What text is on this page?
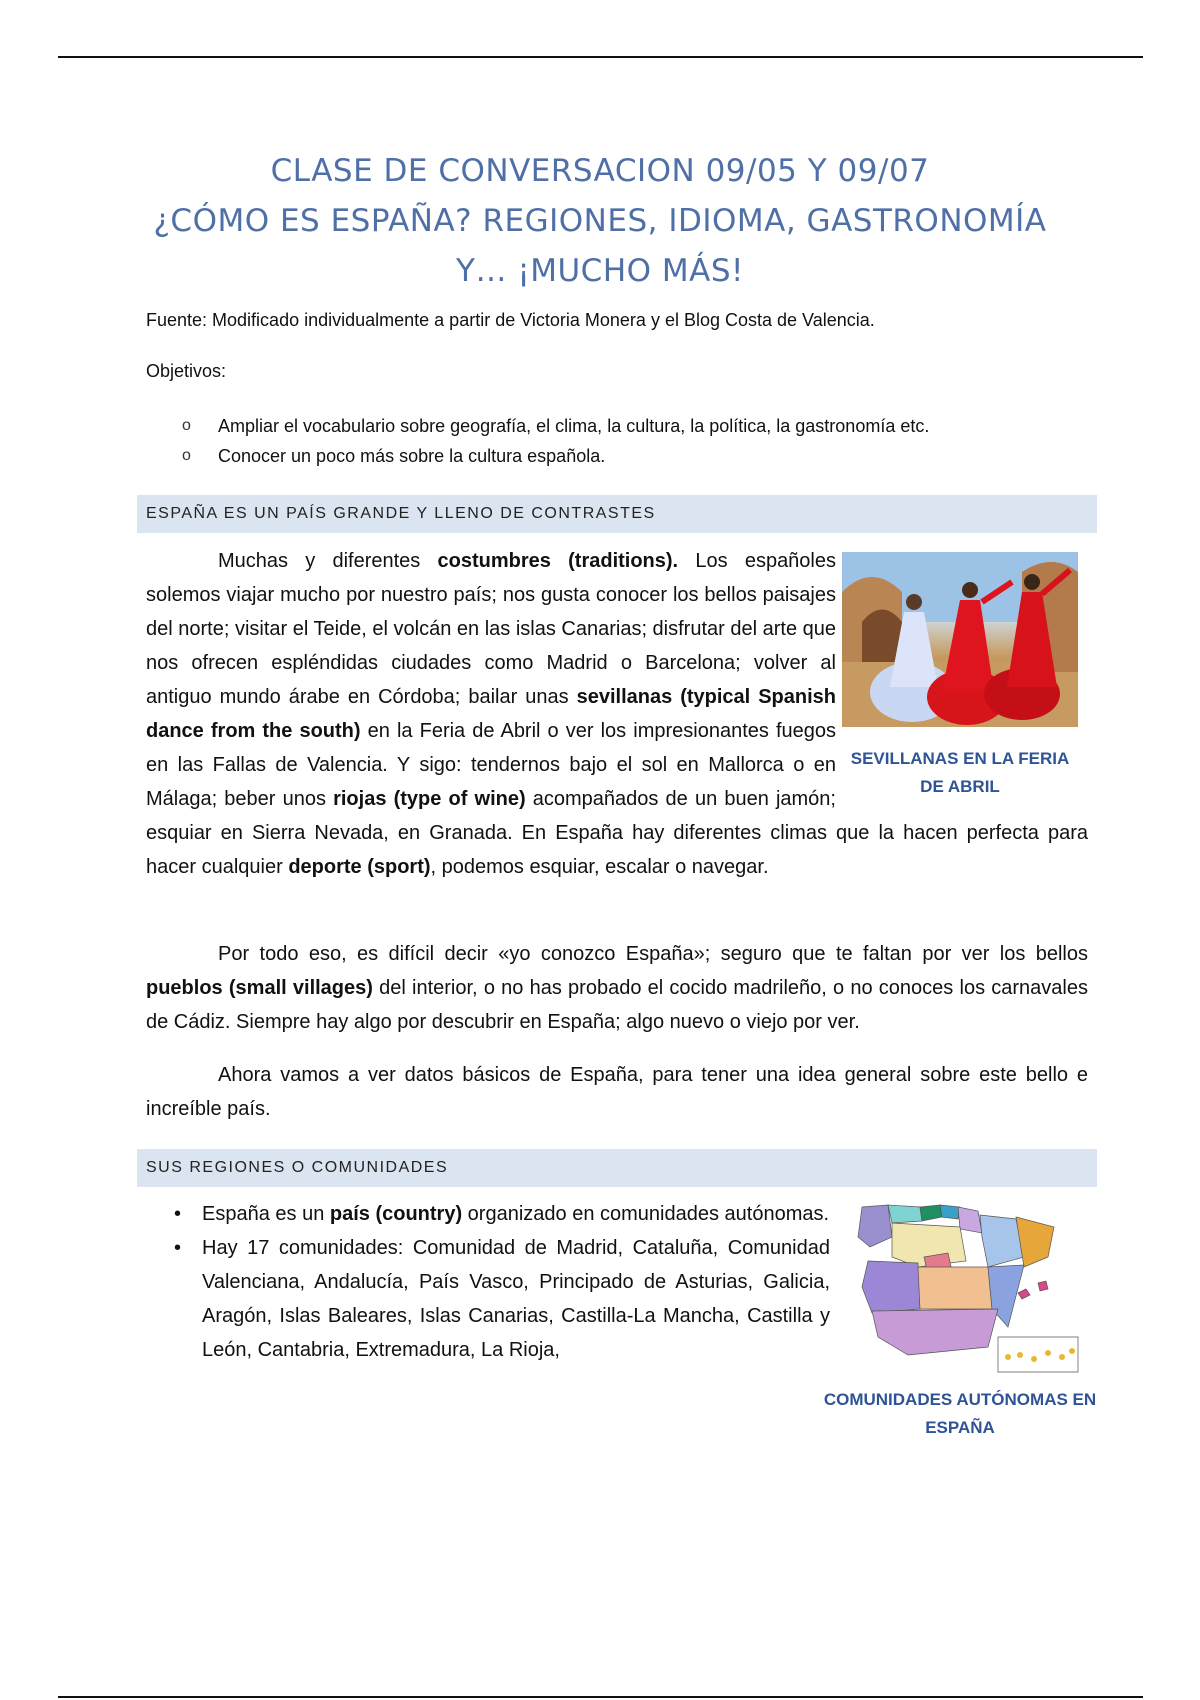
CLASE DE CONVERSACION 09/05 Y 09/07
¿CÓMO ES ESPAÑA? REGIONES, IDIOMA, GASTRONOMÍA
Y… ¡MUCHO MÁS!
Fuente: Modificado individualmente a partir de Victoria Monera y el Blog Costa de Valencia.
Objetivos:
o Ampliar el vocabulario sobre geografía, el clima, la cultura, la política, la gastronomía etc.
o Conocer un poco más sobre la cultura española.
ESPAÑA ES UN PAÍS GRANDE Y LLENO DE CONTRASTES
Muchas y diferentes costumbres (traditions). Los españoles solemos viajar mucho por nuestro país; nos gusta conocer los bellos paisajes del norte; visitar el Teide, el volcán en las islas Canarias; disfrutar del arte que nos ofrecen espléndidas ciudades como Madrid o Barcelona; volver al antiguo mundo árabe en Córdoba; bailar unas sevillanas (typical Spanish dance from the south) en la Feria de Abril o ver los impresionantes fuegos en las Fallas de Valencia. Y sigo: tendernos bajo el sol en Mallorca o en Málaga; beber unos riojas (type of wine) acompañados de un buen jamón; esquiar en Sierra Nevada, en Granada. En España hay diferentes climas que la hacen perfecta para hacer cualquier deporte (sport), podemos esquiar, escalar o navegar.
SEVILLANAS EN LA FERIA DE ABRIL
Por todo eso, es difícil decir «yo conozco España»; seguro que te faltan por ver los bellos pueblos (small villages) del interior, o no has probado el cocido madrileño, o no conoces los carnavales de Cádiz. Siempre hay algo por descubrir en España; algo nuevo o viejo por ver.
Ahora vamos a ver datos básicos de España, para tener una idea general sobre este bello e increíble país.
SUS REGIONES O COMUNIDADES
• España es un país (country) organizado en comunidades autónomas.
• Hay 17 comunidades: Comunidad de Madrid, Cataluña, Comunidad Valenciana, Andalucía, País Vasco, Principado de Asturias, Galicia, Aragón, Islas Baleares, Islas Canarias, Castilla-La Mancha, Castilla y León, Cantabria, Extremadura, La Rioja,
COMUNIDADES AUTÓNOMAS EN ESPAÑA
